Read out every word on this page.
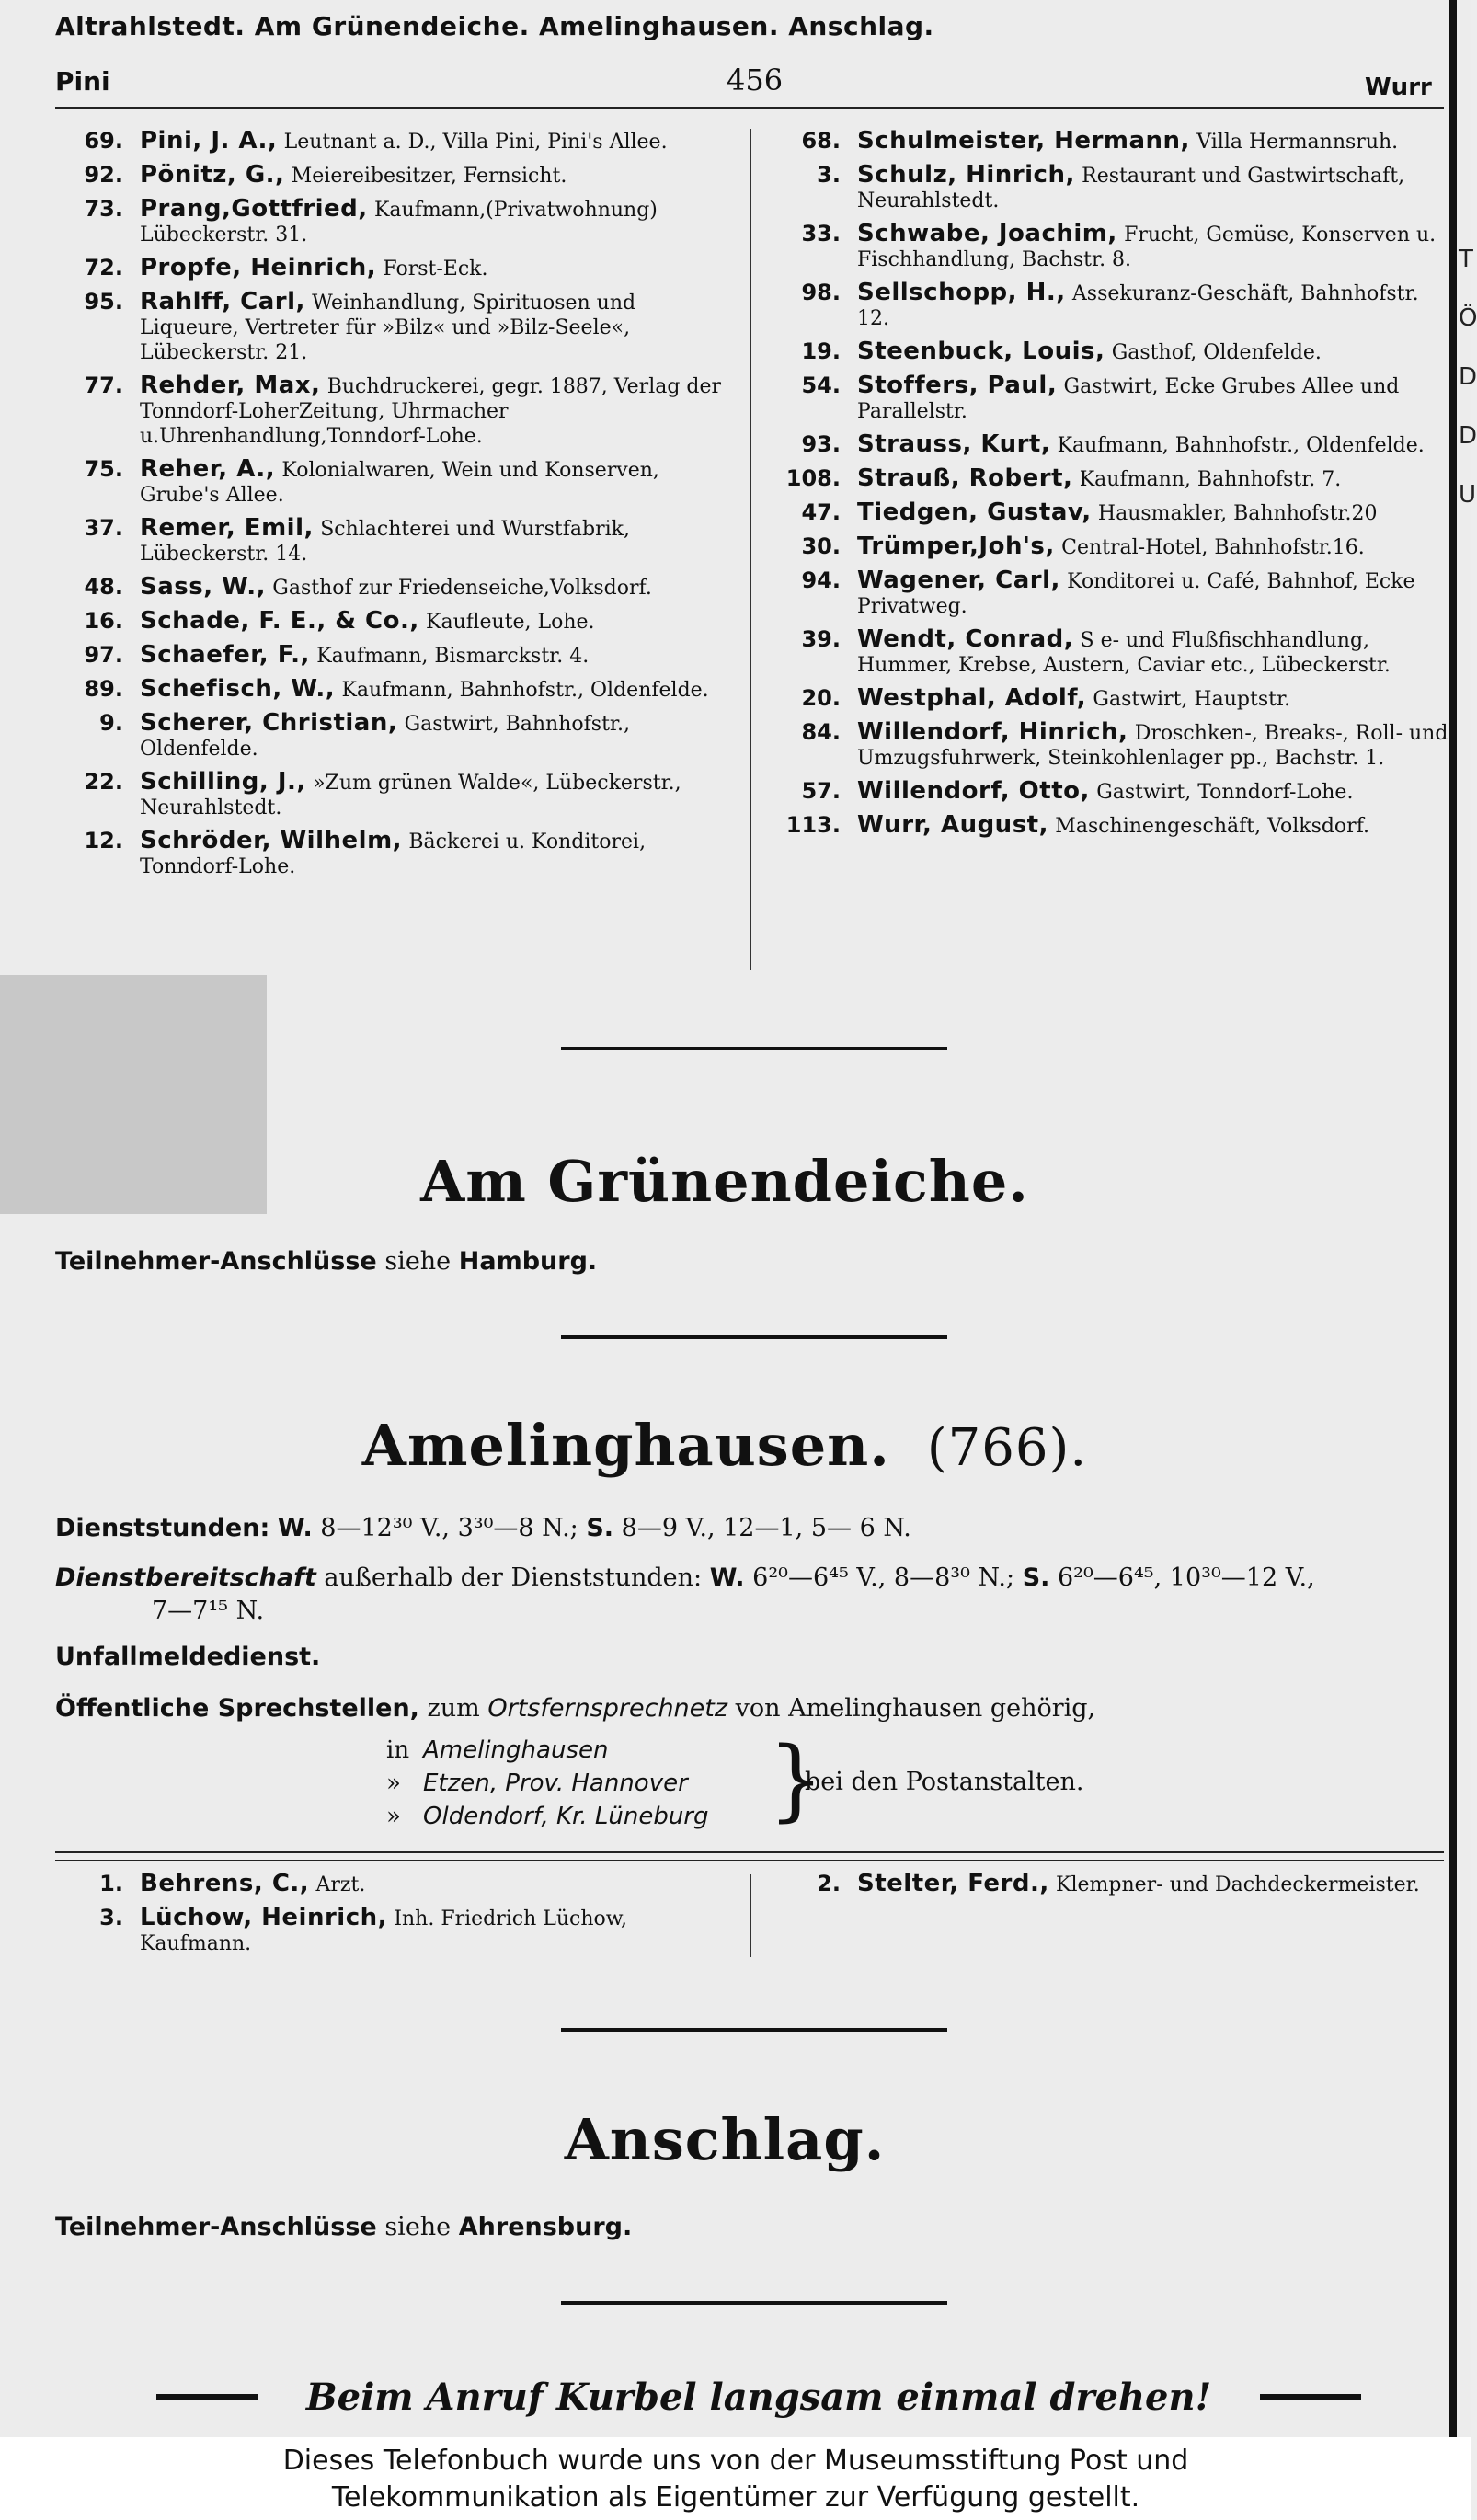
T
Ö
D
D
U
Altrahlstedt. Am Grünendeiche. Amelinghausen. Anschlag.
Pini	456	Wurr
69. Pini, J. A., Leutnant a. D., Villa Pini, Pini's Allee.
92. Pönitz, G., Meiereibesitzer, Fernsicht.
73. Prang,Gottfried, Kaufmann,(Privatwohnung) Lübeckerstr. 31.
72. Propfe, Heinrich, Forst-Eck.
95. Rahlff, Carl, Weinhandlung, Spirituosen und Liqueure, Vertreter für »Bilz« und »Bilz-Seele«, Lübeckerstr. 21.
77. Rehder, Max, Buchdruckerei, gegr. 1887, Verlag der Tonndorf-LoherZeitung, Uhrmacher u.Uhrenhandlung,Tonndorf-Lohe.
75. Reher, A., Kolonialwaren, Wein und Konserven, Grube's Allee.
37. Remer, Emil, Schlachterei und Wurstfabrik, Lübeckerstr. 14.
48. Sass, W., Gasthof zur Friedenseiche,Volksdorf.
16. Schade, F. E., & Co., Kaufleute, Lohe.
97. Schaefer, F., Kaufmann, Bismarckstr. 4.
89. Schefisch, W., Kaufmann, Bahnhofstr., Oldenfelde.
9. Scherer, Christian, Gastwirt, Bahnhofstr., Oldenfelde.
22. Schilling, J., »Zum grünen Walde«, Lübeckerstr., Neurahlstedt.
12. Schröder, Wilhelm, Bäckerei u. Konditorei, Tonndorf-Lohe.
68. Schulmeister, Hermann, Villa Hermannsruh.
3. Schulz, Hinrich, Restaurant und Gastwirtschaft, Neurahlstedt.
33. Schwabe, Joachim, Frucht, Gemüse, Konserven u. Fischhandlung, Bachstr. 8.
98. Sellschopp, H., Assekuranz-Geschäft, Bahnhofstr. 12.
19. Steenbuck, Louis, Gasthof, Oldenfelde.
54. Stoffers, Paul, Gastwirt, Ecke Grubes Allee und Parallelstr.
93. Strauss, Kurt, Kaufmann, Bahnhofstr., Oldenfelde.
108. Strauß, Robert, Kaufmann, Bahnhofstr. 7.
47. Tiedgen, Gustav, Hausmakler, Bahnhofstr.20
30. Trümper,Joh's, Central-Hotel, Bahnhofstr.16.
94. Wagener, Carl, Konditorei u. Café, Bahnhof, Ecke Privatweg.
39. Wendt, Conrad, S e- und Flußfischhandlung, Hummer, Krebse, Austern, Caviar etc., Lübeckerstr.
20. Westphal, Adolf, Gastwirt, Hauptstr.
84. Willendorf, Hinrich, Droschken-, Breaks-, Roll- und Umzugsfuhrwerk, Steinkohlenlager pp., Bachstr. 1.
57. Willendorf, Otto, Gastwirt, Tonndorf-Lohe.
113. Wurr, August, Maschinengeschäft, Volksdorf.
Am Grünendeiche.
Teilnehmer-Anschlüsse siehe Hamburg.
Amelinghausen. (766).
Dienststunden: W. 8—12³⁰ V., 3³⁰—8 N.; S. 8—9 V., 12—1, 5— 6 N.
Dienstbereitschaft außerhalb der Dienststunden: W. 6²⁰—6⁴⁵ V., 8—8³⁰ N.; S. 6²⁰—6⁴⁵, 10³⁰—12 V.,
7—7¹⁵ N.
Unfallmeldedienst.
Öffentliche Sprechstellen, zum Ortsfernsprechnetz von Amelinghausen gehörig,
in Amelinghausen
» Etzen, Prov. Hannover
» Oldendorf, Kr. Lüneburg }
bei den Postanstalten.
1. Behrens, C., Arzt.
3. Lüchow, Heinrich, Inh. Friedrich Lüchow, Kaufmann.
2. Stelter, Ferd., Klempner- und Dachdeckermeister.
Anschlag.
Teilnehmer-Anschlüsse siehe Ahrensburg.
Beim Anruf Kurbel langsam einmal drehen!
Dieses Telefonbuch wurde uns von der Museumsstiftung Post und
Telekommunikation als Eigentümer zur Verfügung gestellt.
